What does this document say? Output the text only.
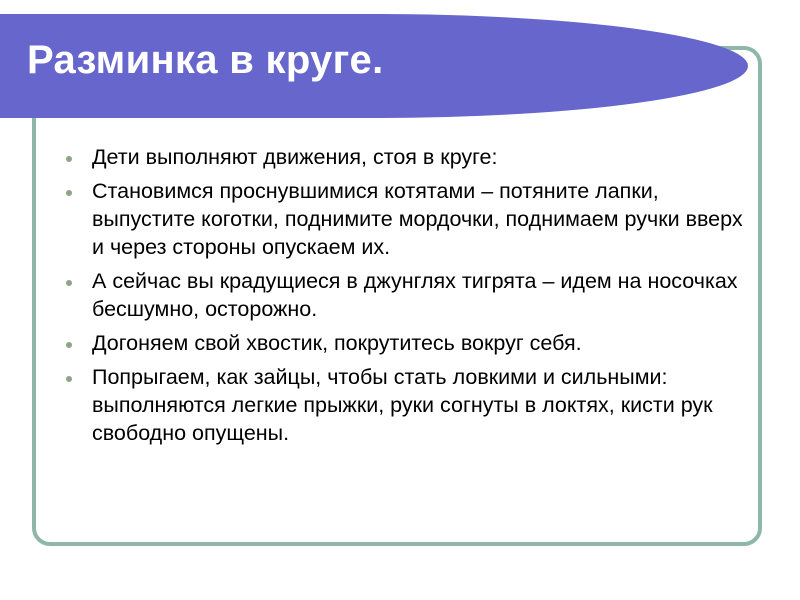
Разминка в круге.
Дети выполняют движения, стоя в круге:
Становимся проснувшимися котятами – потяните лапки, выпустите коготки, поднимите мордочки, поднимаем ручки вверх и через стороны опускаем их.
А сейчас вы крадущиеся в джунглях тигрята – идем на носочках бесшумно, осторожно.
Догоняем свой хвостик, покрутитесь вокруг себя.
Попрыгаем, как зайцы, чтобы стать ловкими и сильными: выполняются легкие прыжки, руки согнуты в локтях, кисти рук свободно опущены.
